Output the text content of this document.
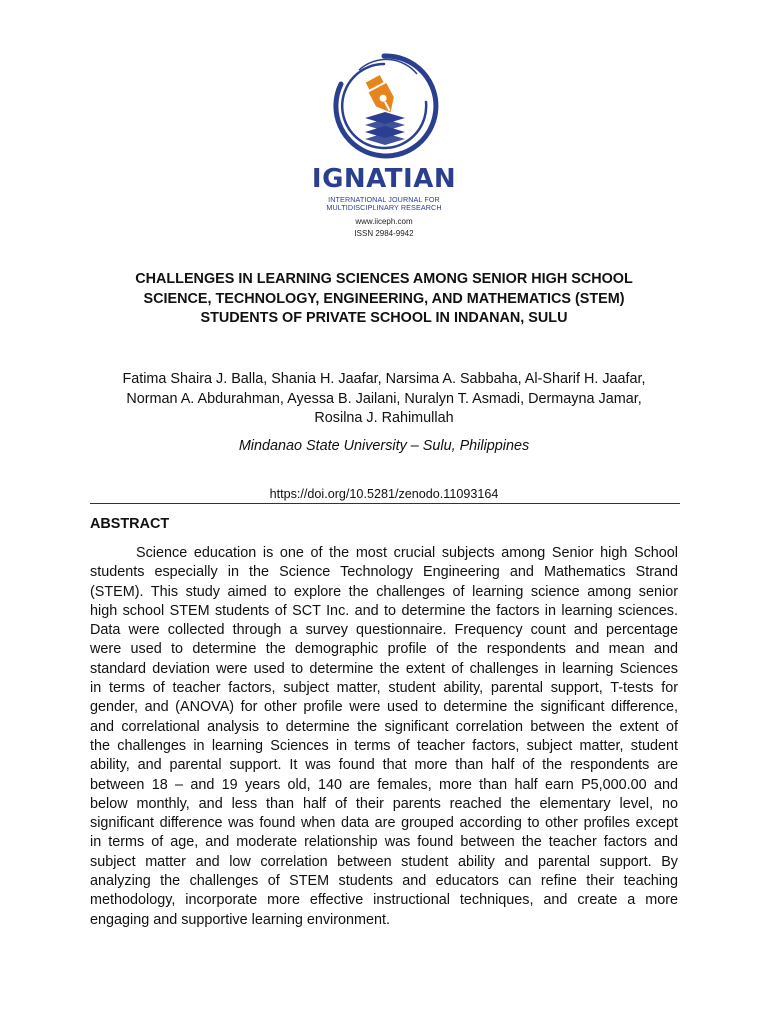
IGNATIAN
INTERNATIONAL JOURNAL FOR
MULTIDISCIPLINARY RESEARCH
www.iiceph.com
ISSN 2984-9942
CHALLENGES IN LEARNING SCIENCES AMONG SENIOR HIGH SCHOOL
SCIENCE, TECHNOLOGY, ENGINEERING, AND MATHEMATICS (STEM)
STUDENTS OF PRIVATE SCHOOL IN INDANAN, SULU
Fatima Shaira J. Balla, Shania H. Jaafar, Narsima A. Sabbaha, Al-Sharif H. Jaafar,
Norman A. Abdurahman, Ayessa B. Jailani, Nuralyn T. Asmadi, Dermayna Jamar,
Rosilna J. Rahimullah
Mindanao State University – Sulu, Philippines
https://doi.org/10.5281/zenodo.11093164
ABSTRACT
Science education is one of the most crucial subjects among Senior high School
students especially in the Science Technology Engineering and Mathematics Strand
(STEM). This study aimed to explore the challenges of learning science among senior
high school STEM students of SCT Inc. and to determine the factors in learning sciences.
Data were collected through a survey questionnaire. Frequency count and percentage
were used to determine the demographic profile of the respondents and mean and
standard deviation were used to determine the extent of challenges in learning Sciences
in terms of teacher factors, subject matter, student ability, parental support, T-tests for
gender, and (ANOVA) for other profile were used to determine the significant difference,
and correlational analysis to determine the significant correlation between the extent of
the challenges in learning Sciences in terms of teacher factors, subject matter, student
ability, and parental support. It was found that more than half of the respondents are
between 18 – and 19 years old, 140 are females, more than half earn P5,000.00 and
below monthly, and less than half of their parents reached the elementary level, no
significant difference was found when data are grouped according to other profiles except
in terms of age, and moderate relationship was found between the teacher factors and
subject matter and low correlation between student ability and parental support. By
analyzing the challenges of STEM students and educators can refine their teaching
methodology, incorporate more effective instructional techniques, and create a more
engaging and supportive learning environment.
